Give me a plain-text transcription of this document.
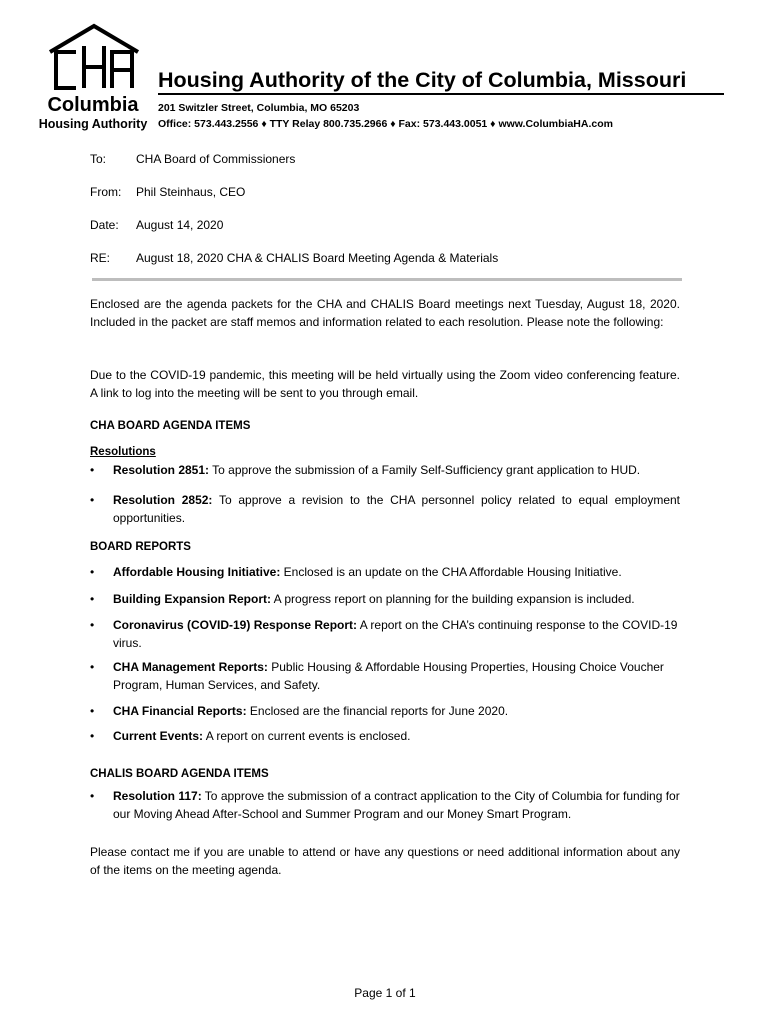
Columbia
Housing Authority
Housing Authority of the City of Columbia, Missouri
201 Switzler Street, Columbia, MO 65203
Office: 573.443.2556 ♦ TTY Relay 800.735.2966 ♦ Fax: 573.443.0051 ♦ www.ColumbiaHA.com
To: CHA Board of Commissioners
From: Phil Steinhaus, CEO
Date: August 14, 2020
RE: August 18, 2020 CHA & CHALIS Board Meeting Agenda & Materials
Enclosed are the agenda packets for the CHA and CHALIS Board meetings next Tuesday, August 18, 2020. Included in the packet are staff memos and information related to each resolution. Please note the following:
Due to the COVID-19 pandemic, this meeting will be held virtually using the Zoom video conferencing feature. A link to log into the meeting will be sent to you through email.
CHA BOARD AGENDA ITEMS
Resolutions
•	Resolution 2851: To approve the submission of a Family Self-Sufficiency grant application to HUD.
•	Resolution 2852: To approve a revision to the CHA personnel policy related to equal employment opportunities.
BOARD REPORTS
•	Affordable Housing Initiative: Enclosed is an update on the CHA Affordable Housing Initiative.
•	Building Expansion Report: A progress report on planning for the building expansion is included.
•	Coronavirus (COVID-19) Response Report: A report on the CHA’s continuing response to the COVID-19 virus.
•	CHA Management Reports: Public Housing & Affordable Housing Properties, Housing Choice Voucher Program, Human Services, and Safety.
•	CHA Financial Reports: Enclosed are the financial reports for June 2020.
•	Current Events: A report on current events is enclosed.
CHALIS BOARD AGENDA ITEMS
•	Resolution 117: To approve the submission of a contract application to the City of Columbia for funding for our Moving Ahead After-School and Summer Program and our Money Smart Program.
Please contact me if you are unable to attend or have any questions or need additional information about any of the items on the meeting agenda.
Page 1 of 1
